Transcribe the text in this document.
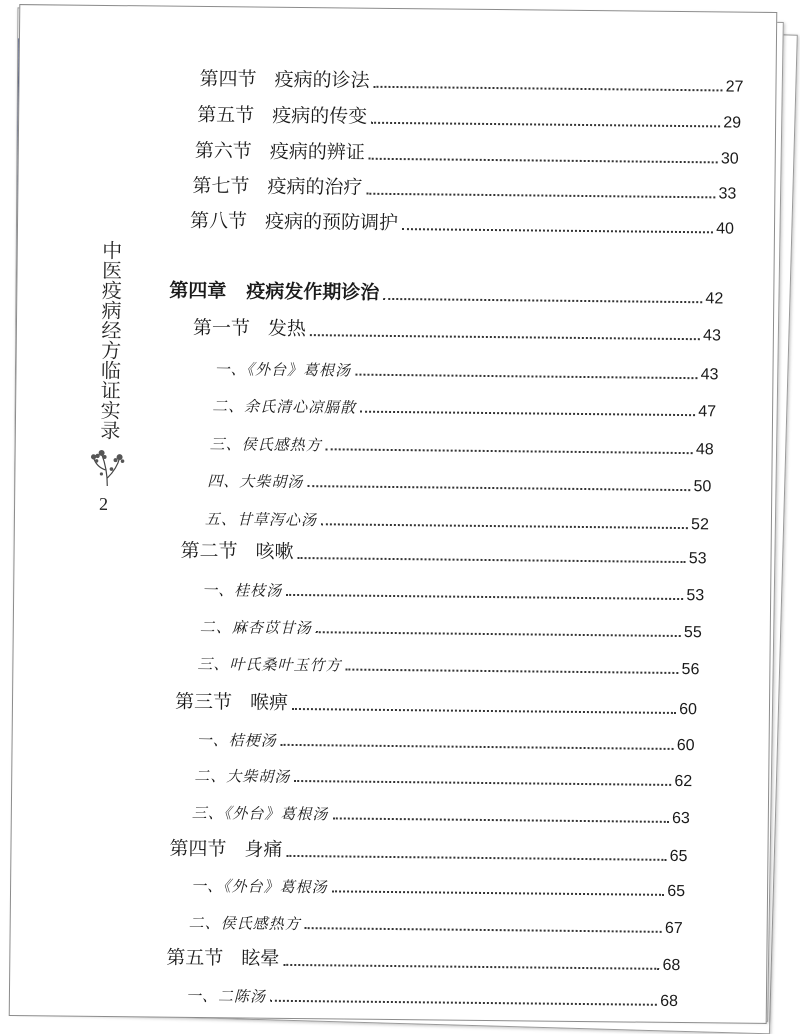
中医疫病经方临证实录
2
第四节 疫病的诊法	27
第五节 疫病的传变	29
第六节 疫病的辨证	30
第七节 疫病的治疗	33
第八节 疫病的预防调护	40
第四章 疫病发作期诊治	42
第一节 发热	43
一、《外台》葛根汤	43
二、余氏清心凉膈散	47
三、侯氏感热方	48
四、大柴胡汤	50
五、甘草泻心汤	52
第二节 咳嗽	53
一、桂枝汤	53
二、麻杏苡甘汤	55
三、叶氏桑叶玉竹方	56
第三节 喉痹	60
一、桔梗汤	60
二、大柴胡汤	62
三、《外台》葛根汤	63
第四节 身痛	65
一、《外台》葛根汤	65
二、侯氏感热方	67
第五节 眩晕	68
一、二陈汤	68
